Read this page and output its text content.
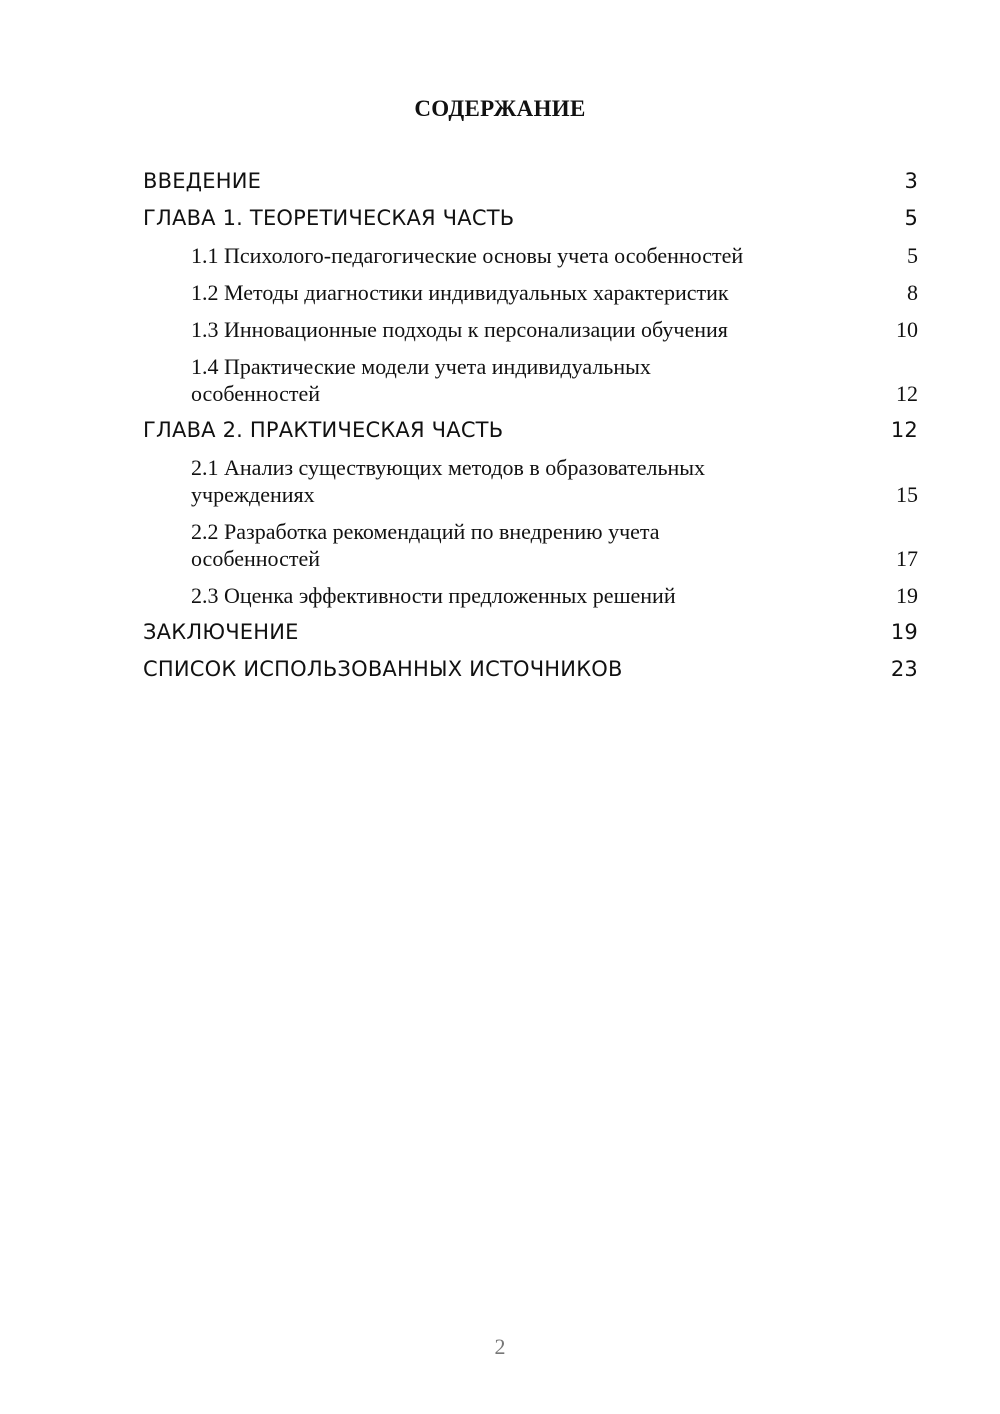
СОДЕРЖАНИЕ
ВВЕДЕНИЕ	3
ГЛАВА 1. ТЕОРЕТИЧЕСКАЯ ЧАСТЬ	5
1.1 Психолого-педагогические основы учета особенностей	5
1.2 Методы диагностики индивидуальных характеристик	8
1.3 Инновационные подходы к персонализации обучения	10
1.4 Практические модели учета индивидуальных особенностей	12
ГЛАВА 2. ПРАКТИЧЕСКАЯ ЧАСТЬ	12
2.1 Анализ существующих методов в образовательных учреждениях	15
2.2 Разработка рекомендаций по внедрению учета особенностей	17
2.3 Оценка эффективности предложенных решений	19
ЗАКЛЮЧЕНИЕ	19
СПИСОК ИСПОЛЬЗОВАННЫХ ИСТОЧНИКОВ	23
2
